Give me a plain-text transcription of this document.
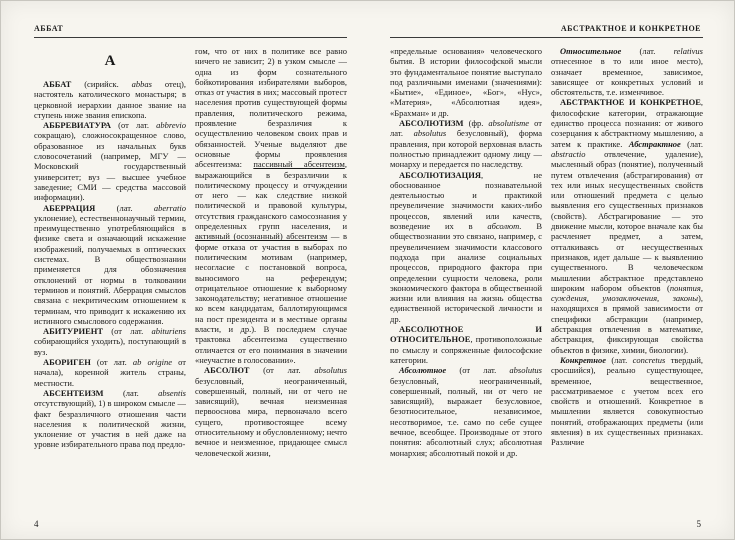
АББАТ	АБСТРАКТНОЕ И КОНКРЕТНОЕ
А

АББАТ (сирийск. abbas отец), настоятель католического монастыря; в церковной иерархии данное звание на ступень ниже звания епископа.

АББРЕВИАТУРА (от лат. abbrevio сокращаю), сложносокращенное слово, образованное из начальных букв словосочетаний (например, МГУ — Московский государственный университет; вуз — высшее учебное заведение; СМИ — средства массовой информации).

АБЕРРАЦИЯ (лат. aberratio уклонение), естественнонаучный термин, преимущественно употребляющийся в физике света и означающий искажение изображений, получаемых в оптических системах. В обществознании применяется для обозначения отклонений от нормы в толковании терминов и понятий. Аберрация смыслов связана с некритическим отношением к терминам, что приводит к искажению их истинного смыслового содержания.

АБИТУРИЕНТ (от лат. abituriens собирающийся уходить), поступающий в вуз.

АБОРИГЕН (от лат. ab origine от начала), коренной житель страны, местности.

АБСЕНТЕИЗМ (лат. absentis отсутствующий), 1) в широком смысле — факт безразличного отношения части населения к политической жизни, уклонение от участия в ней даже на уровне избирательного права под предло-

гом, что от них в политике все равно ничего не зависит; 2) в узком смысле — одна из форм сознательного бойкотирования избирателями выборов, отказ от участия в них; массовый протест населения против существующей формы правления, политического режима, проявление безразличия к осуществлению человеком своих прав и обязанностей. Ученые выделяют две основные формы проявления абсентеизма: пассивный абсентеизм, выражающийся в безразличии к политическому процессу и отчуждении от него — как следствие низкой политической и правовой культуры, отсутствия гражданского самосознания у определенных групп населения, и активный (осознанный) абсентеизм — в форме отказа от участия в выборах по политическим мотивам (например, несогласие с постановкой вопроса, выносимого на референдум; отрицательное отношение к выборному законодательству; негативное отношение ко всем кандидатам, баллотирующимся на пост президента и в местные органы власти, и др.). В последнем случае трактовка абсентеизма существенно отличается от его понимания в значении «неучастие в голосовании».

АБСОЛЮТ (от лат. absolutus безусловный, неограниченный, совершенный, полный, ни от чего не зависящий), вечная неизменная первооснова мира, первоначало всего сущего, противостоящее всему относительному и обусловленному; нечто вечное и неизменное, придающее смысл человеческой жизни,

«предельные основания» человеческого бытия. В истории философской мысли это фундаментальное понятие выступало под различными именами (значениями): «Бытие», «Единое», «Бог», «Нус», «Материя», «Абсолютная идея», «Брахман» и др.

АБСОЛЮТИЗМ (фр. absolutisme от лат. absolutus безусловный), форма правления, при которой верховная власть полностью принадлежит одному лицу — монарху и передается по наследству.

АБСОЛЮТИЗАЦИЯ, не обоснованное познавательной деятельностью и практикой преувеличение значимости каких-либо процессов, явлений или качеств, возведение их в абсолют. В обществознании это связано, например, с преувеличением значимости классового подхода при анализе социальных процессов, природного фактора при определении сущности человека, роли экономического фактора в общественной жизни или влияния на жизнь общества единственной исторической личности и др.

АБСОЛЮТНОЕ И ОТНОСИТЕЛЬНОЕ, противоположные по смыслу и сопряженные философские категории.

Абсолютное (от лат. absolutus безусловный, неограниченный, совершенный, полный, ни от чего не зависящий), выражает безусловное, безотносительное, независимое, несотворимое, т.е. само по себе сущее вечное, всеобщее. Производные от этого понятия: абсолютный слух; абсолютная монархия; абсолютный покой и др.

Относительное (лат. relativus отнесенное в то или иное место), означает временное, зависимое, зависящее от конкретных условий и обстоятельств, т.е. изменчивое.

АБСТРАКТНОЕ И КОНКРЕТНОЕ, философские категории, отражающие единство процесса познания: от живого созерцания к абстрактному мышлению, а затем к практике. Абстрактное (лат. abstractio отвлечение, удаление), мысленный образ (понятие), полученный путем отвлечения (абстрагирования) от тех или иных несущественных свойств или отношений предмета с целью выявления его существенных признаков (свойств). Абстрагирование — это движение мысли, которое вначале как бы расчленяет предмет, а затем, отталкиваясь от несущественных признаков, идет дальше — к выявлению существенного. В человеческом мышлении абстрактное представлено широким набором объектов (понятия, суждения, умозаключения, законы), находящихся в прямой зависимости от специфики абстракции (например, абстракция отвлечения в математике, абстракция, фиксирующая свойства объектов в физике, химии, биологии).

Конкретное (лат. concretus твердый, сросшийся), реально существующее, временное, вещественное, рассматриваемое с учетом всех его свойств и отношений. Конкретное в мышлении является совокупностью понятий, отображающих предметы (или явления) в их существенных признаках. Различие

4	5
